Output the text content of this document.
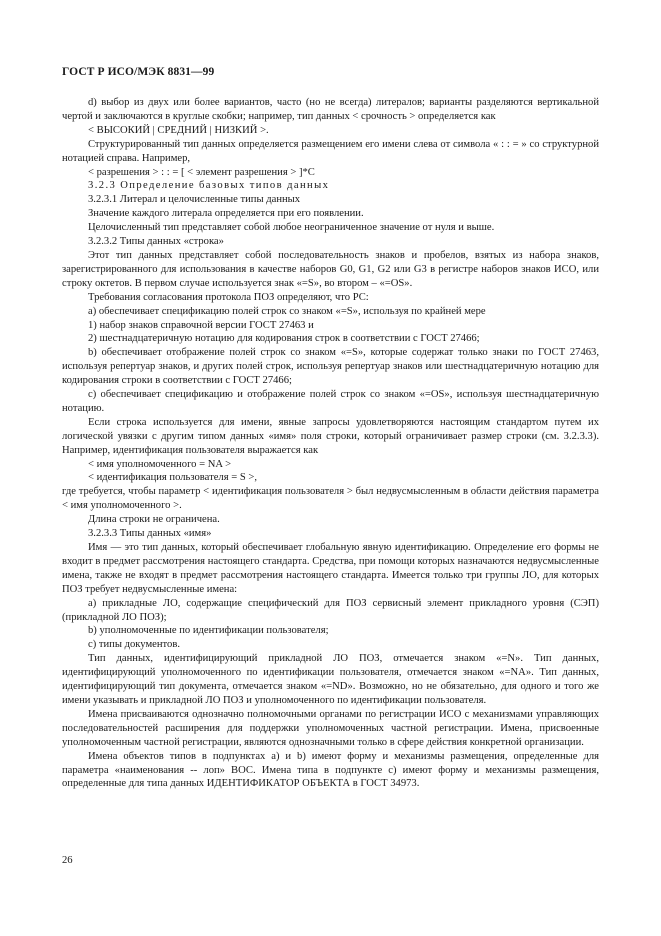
ГОСТ Р ИСО/МЭК 8831—99

d) выбор из двух или более вариантов, часто (но не всегда) литералов; варианты разделяются вертикальной чертой и заключаются в круглые скобки; например, тип данных < срочность > определяется как

< ВЫСОКИЙ | СРЕДНИЙ | НИЗКИЙ >.

Структурированный тип данных определяется размещением его имени слева от символа « : : = » со структурной нотацией справа. Например,

< разрешения > : : = [ < элемент разрешения > ]*C

3.2.3 Определение базовых типов данных

3.2.3.1 Литерал и целочисленные типы данных

Значение каждого литерала определяется при его появлении.

Целочисленный тип представляет собой любое неограниченное значение от нуля и выше.

3.2.3.2 Типы данных «строка»

Этот тип данных представляет собой последовательность знаков и пробелов, взятых из набора знаков, зарегистрированного для использования в качестве наборов G0, G1, G2 или G3 в регистре наборов знаков ИСО, или строку октетов. В первом случае используется знак «=S», во втором – «=OS».

Требования согласования протокола ПОЗ определяют, что РС:

а) обеспечивает спецификацию полей строк со знаком «=S», используя по крайней мере

1) набор знаков справочной версии ГОСТ 27463 и

2) шестнадцатеричную нотацию для кодирования строк в соответствии с ГОСТ 27466;

b) обеспечивает отображение полей строк со знаком «=S», которые содержат только знаки по ГОСТ 27463, используя репертуар знаков, и других полей строк, используя репертуар знаков или шестнадцатеричную нотацию для кодирования строки в соответствии с ГОСТ 27466;

с) обеспечивает спецификацию и отображение полей строк со знаком «=OS», используя шестнадцатеричную нотацию.

Если строка используется для имени, явные запросы удовлетворяются настоящим стандартом путем их логической увязки с другим типом данных «имя» поля строки, который ограничивает размер строки (см. 3.2.3.3). Например, идентификация пользователя выражается как

< имя уполномоченного = NA >

< идентификация пользователя = S >,

где требуется, чтобы параметр < идентификация пользователя > был недвусмысленным в области действия параметра < имя уполномоченного >.

Длина строки не ограничена.

3.2.3.3 Типы данных «имя»

Имя — это тип данных, который обеспечивает глобальную явную идентификацию. Определение его формы не входит в предмет рассмотрения настоящего стандарта. Средства, при помощи которых назначаются недвусмысленные имена, также не входят в предмет рассмотрения настоящего стандарта. Имеется только три группы ЛО, для которых ПОЗ требует недвусмысленные имена:

а) прикладные ЛО, содержащие специфический для ПОЗ сервисный элемент прикладного уровня (СЭП) (прикладной ЛО ПОЗ);

b) уполномоченные по идентификации пользователя;

с) типы документов.

Тип данных, идентифицирующий прикладной ЛО ПОЗ, отмечается знаком «=N». Тип данных, идентифицирующий уполномоченного по идентификации пользователя, отмечается знаком «=NA». Тип данных, идентифицирующий тип документа, отмечается знаком «=ND». Возможно, но не обязательно, для одного и того же имени указывать и прикладной ЛО ПОЗ и уполномоченного по идентификации пользователя.

Имена присваиваются однозначно полномочными органами по регистрации ИСО с механизмами управляющих последовательностей расширения для поддержки уполномоченных частной регистрации. Имена, присвоенные уполномоченным частной регистрации, являются однозначными только в сфере действия конкретной организации.

Имена объектов типов в подпунктах а) и b) имеют форму и механизмы размещения, определенные для параметра «наименования -- лоп» ВОС. Имена типа в подпункте с) имеют форму и механизмы размещения, определенные для типа данных ИДЕНТИФИКАТОР ОБЪЕКТА в ГОСТ 34973.

26
